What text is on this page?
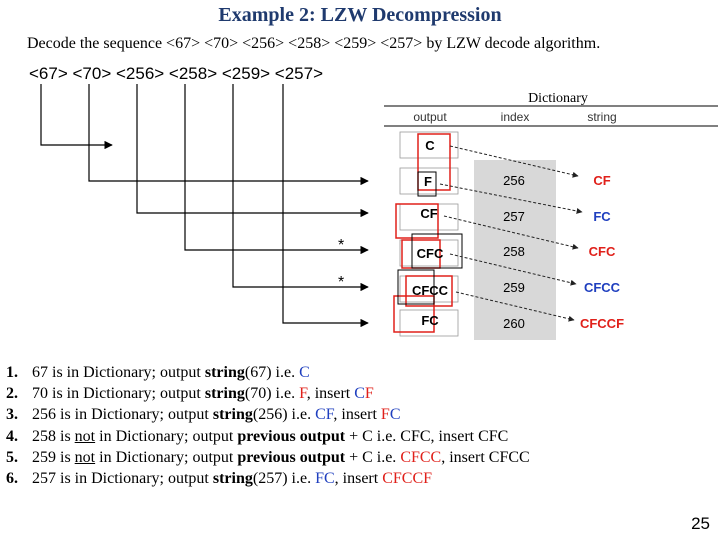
Example 2: LZW Decompression
Decode the sequence <67> <70> <256> <258> <259> <257> by LZW decode algorithm.
<67> <70> <256> <258> <259> <257>
*
*
Dictionary
output	index	string
C
F
CF
CFC
CFCC
FC
256
257
258
259
260
CF
FC
CFC
CFCC
CFCCF
1. 67 is in Dictionary; output string(67) i.e. C
2. 70 is in Dictionary; output string(70) i.e. F, insert CF
3. 256 is in Dictionary; output string(256) i.e. CF, insert FC
4. 258 is not in Dictionary; output previous output + C i.e. CFC, insert CFC
5. 259 is not in Dictionary; output previous output + C i.e. CFCC, insert CFCC
6. 257 is in Dictionary; output string(257) i.e. FC, insert CFCCF
25
